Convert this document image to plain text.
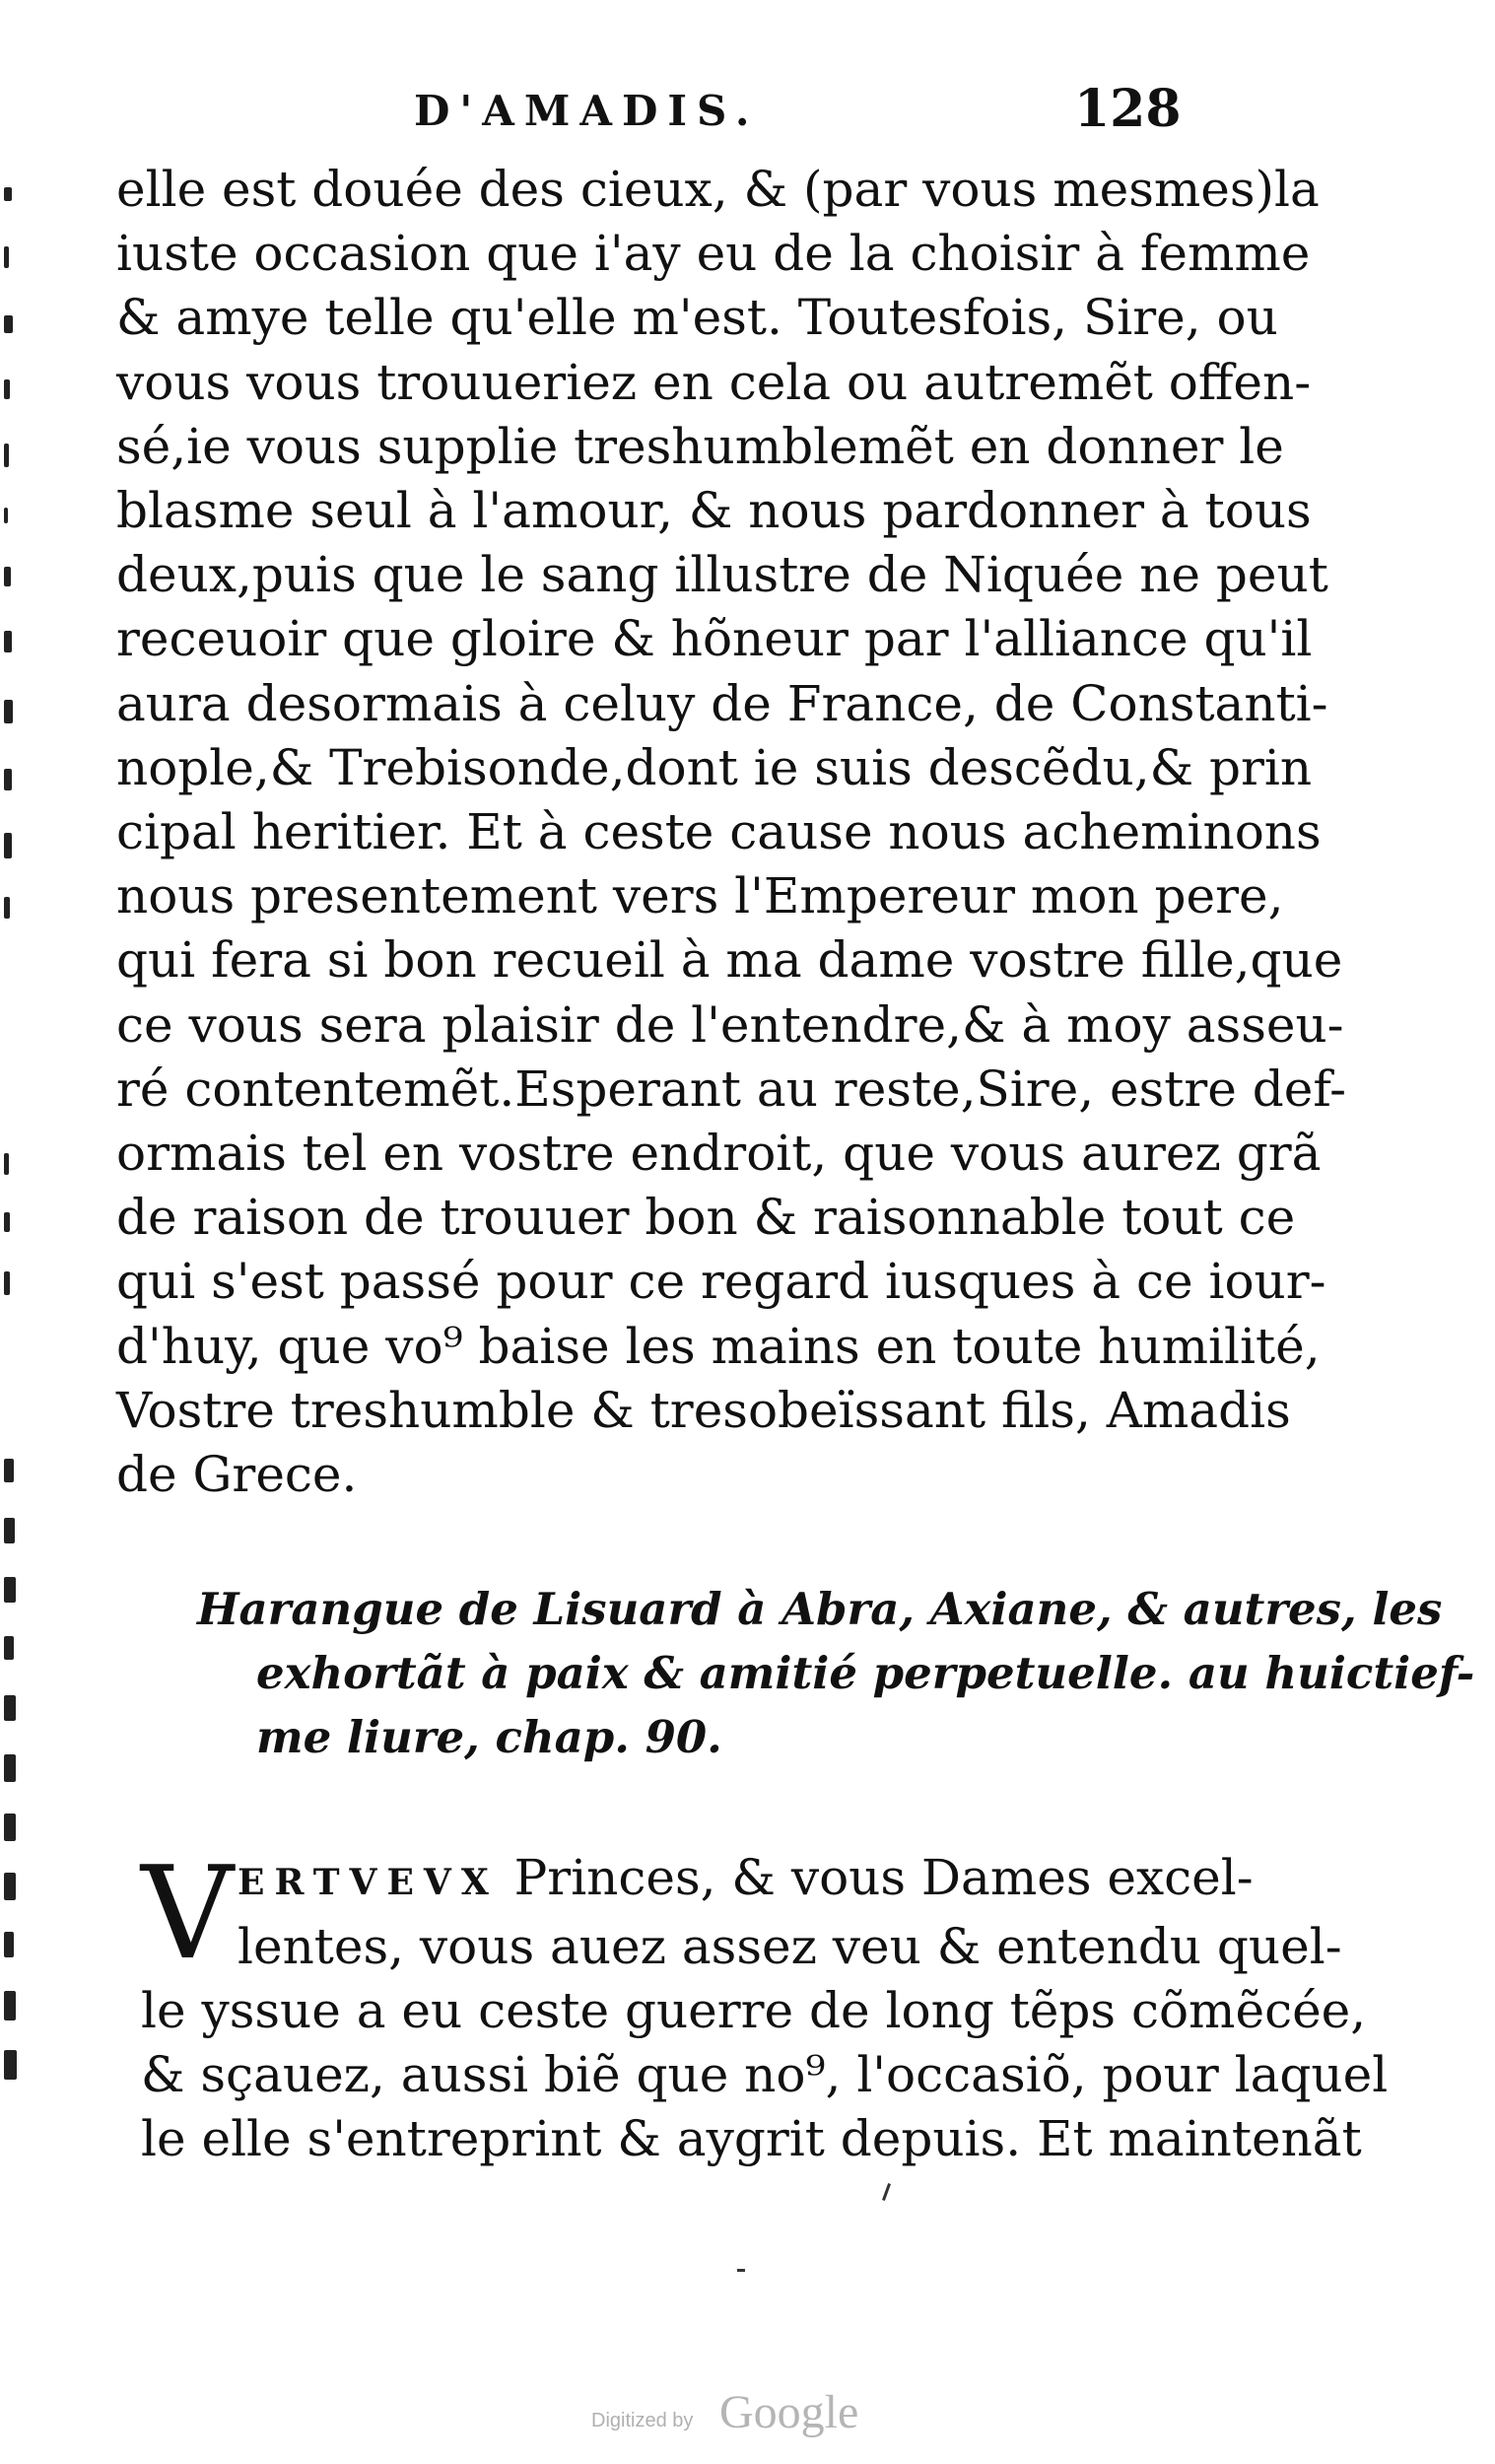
D'AMADIS.	128
elle est douée des cieux, & (par vous mesmes)la
iuste occasion que i'ay eu de la choisir à femme
& amye telle qu'elle m'est. Toutesfois, Sire, ou
vous vous trouueriez en cela ou autremẽt offen-
sé,ie vous supplie treshumblemẽt en donner le
blasme seul à l'amour, & nous pardonner à tous
deux,puis que le sang illustre de Niquée ne peut
receuoir que gloire & hõneur par l'alliance qu'il
aura desormais à celuy de France, de Constanti-
nople,& Trebisonde,dont ie suis descẽdu,& prin
cipal heritier. Et à ceste cause nous acheminons
nous presentement vers l'Empereur mon pere,
qui fera si bon recueil à ma dame vostre fille,que
ce vous sera plaisir de l'entendre,& à moy asseu-
ré contentemẽt.Esperant au reste,Sire, estre def-
ormais tel en vostre endroit, que vous aurez grã
de raison de trouuer bon & raisonnable tout ce
qui s'est passé pour ce regard iusques à ce iour-
d'huy, que vo⁹ baise les mains en toute humilité,
Vostre treshumble & tresobeïssant fils, Amadis
de Grece.
Harangue de Lisuard à Abra, Axiane, & autres, les
exhortãt à paix & amitié perpetuelle. au huictief-
me liure, chap. 90.
V ERTVEVX Princes, & vous Dames excel-
lentes, vous auez assez veu & entendu quel-
le yssue a eu ceste guerre de long tẽps cõmẽcée,
& sçauez, aussi biẽ que no⁹, l'occasiõ, pour laquel
le elle s'entreprint & aygrit depuis. Et maintenãt
Digitized by Google
